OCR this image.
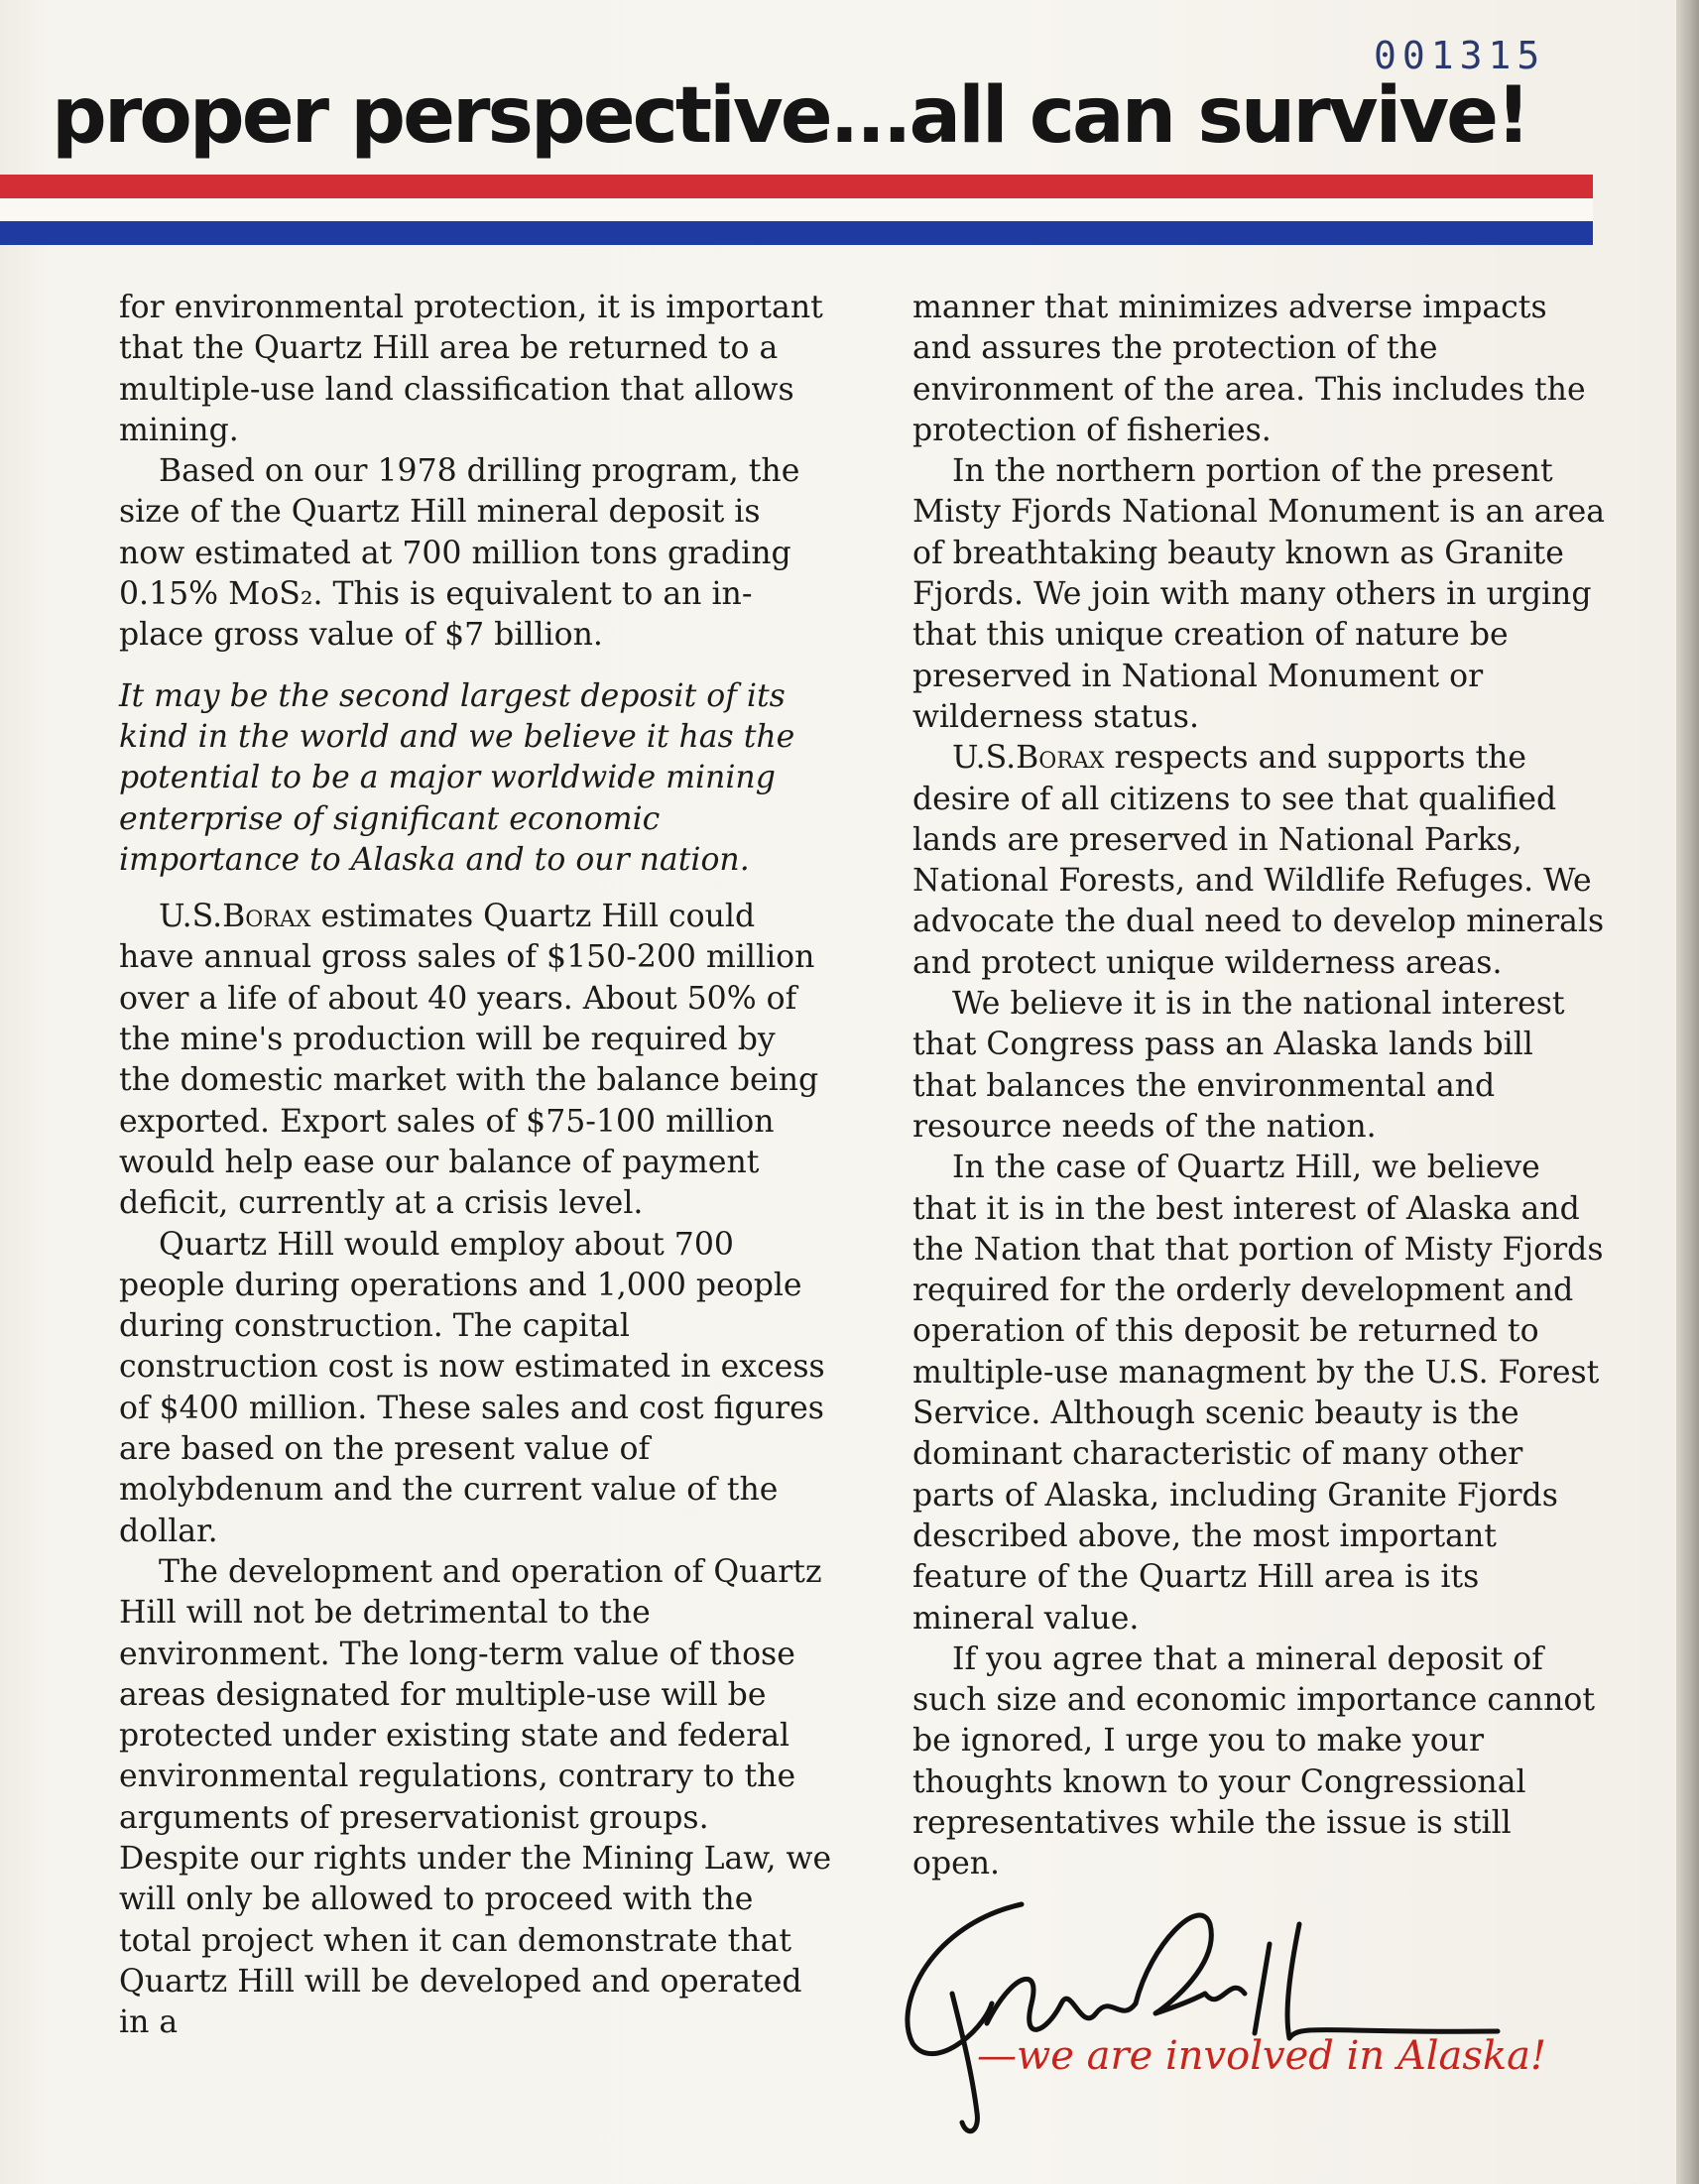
001315
proper perspective...all can survive!

for environmental protection, it is important that the Quartz Hill area be returned to a multiple-use land classification that allows mining.

Based on our 1978 drilling program, the size of the Quartz Hill mineral deposit is now estimated at 700 million tons grading 0.15% MoS₂. This is equivalent to an in-place gross value of $7 billion.

It may be the second largest deposit of its kind in the world and we believe it has the potential to be a major worldwide mining enterprise of significant economic importance to Alaska and to our nation.

U.S.Borax estimates Quartz Hill could have annual gross sales of $150-200 million over a life of about 40 years. About 50% of the mine's production will be required by the domestic market with the balance being exported. Export sales of $75-100 million would help ease our balance of payment deficit, currently at a crisis level.

Quartz Hill would employ about 700 people during operations and 1,000 people during construction. The capital construction cost is now estimated in excess of $400 million. These sales and cost figures are based on the present value of molybdenum and the current value of the dollar.

The development and operation of Quartz Hill will not be detrimental to the environment. The long-term value of those areas designated for multiple-use will be protected under existing state and federal environmental regulations, contrary to the arguments of preservationist groups. Despite our rights under the Mining Law, we will only be allowed to proceed with the total project when it can demonstrate that Quartz Hill will be developed and operated in a

manner that minimizes adverse impacts and assures the protection of the environment of the area. This includes the protection of fisheries.

In the northern portion of the present Misty Fjords National Monument is an area of breathtaking beauty known as Granite Fjords. We join with many others in urging that this unique creation of nature be preserved in National Monument or wilderness status.

U.S.Borax respects and supports the desire of all citizens to see that qualified lands are preserved in National Parks, National Forests, and Wildlife Refuges. We advocate the dual need to develop minerals and protect unique wilderness areas.

We believe it is in the national interest that Congress pass an Alaska lands bill that balances the environmental and resource needs of the nation.

In the case of Quartz Hill, we believe that it is in the best interest of Alaska and the Nation that that portion of Misty Fjords required for the orderly development and operation of this deposit be returned to multiple-use managment by the U.S. Forest Service. Although scenic beauty is the dominant characteristic of many other parts of Alaska, including Granite Fjords described above, the most important feature of the Quartz Hill area is its mineral value.

If you agree that a mineral deposit of such size and economic importance cannot be ignored, I urge you to make your thoughts known to your Congressional representatives while the issue is still open.

—we are involved in Alaska!
